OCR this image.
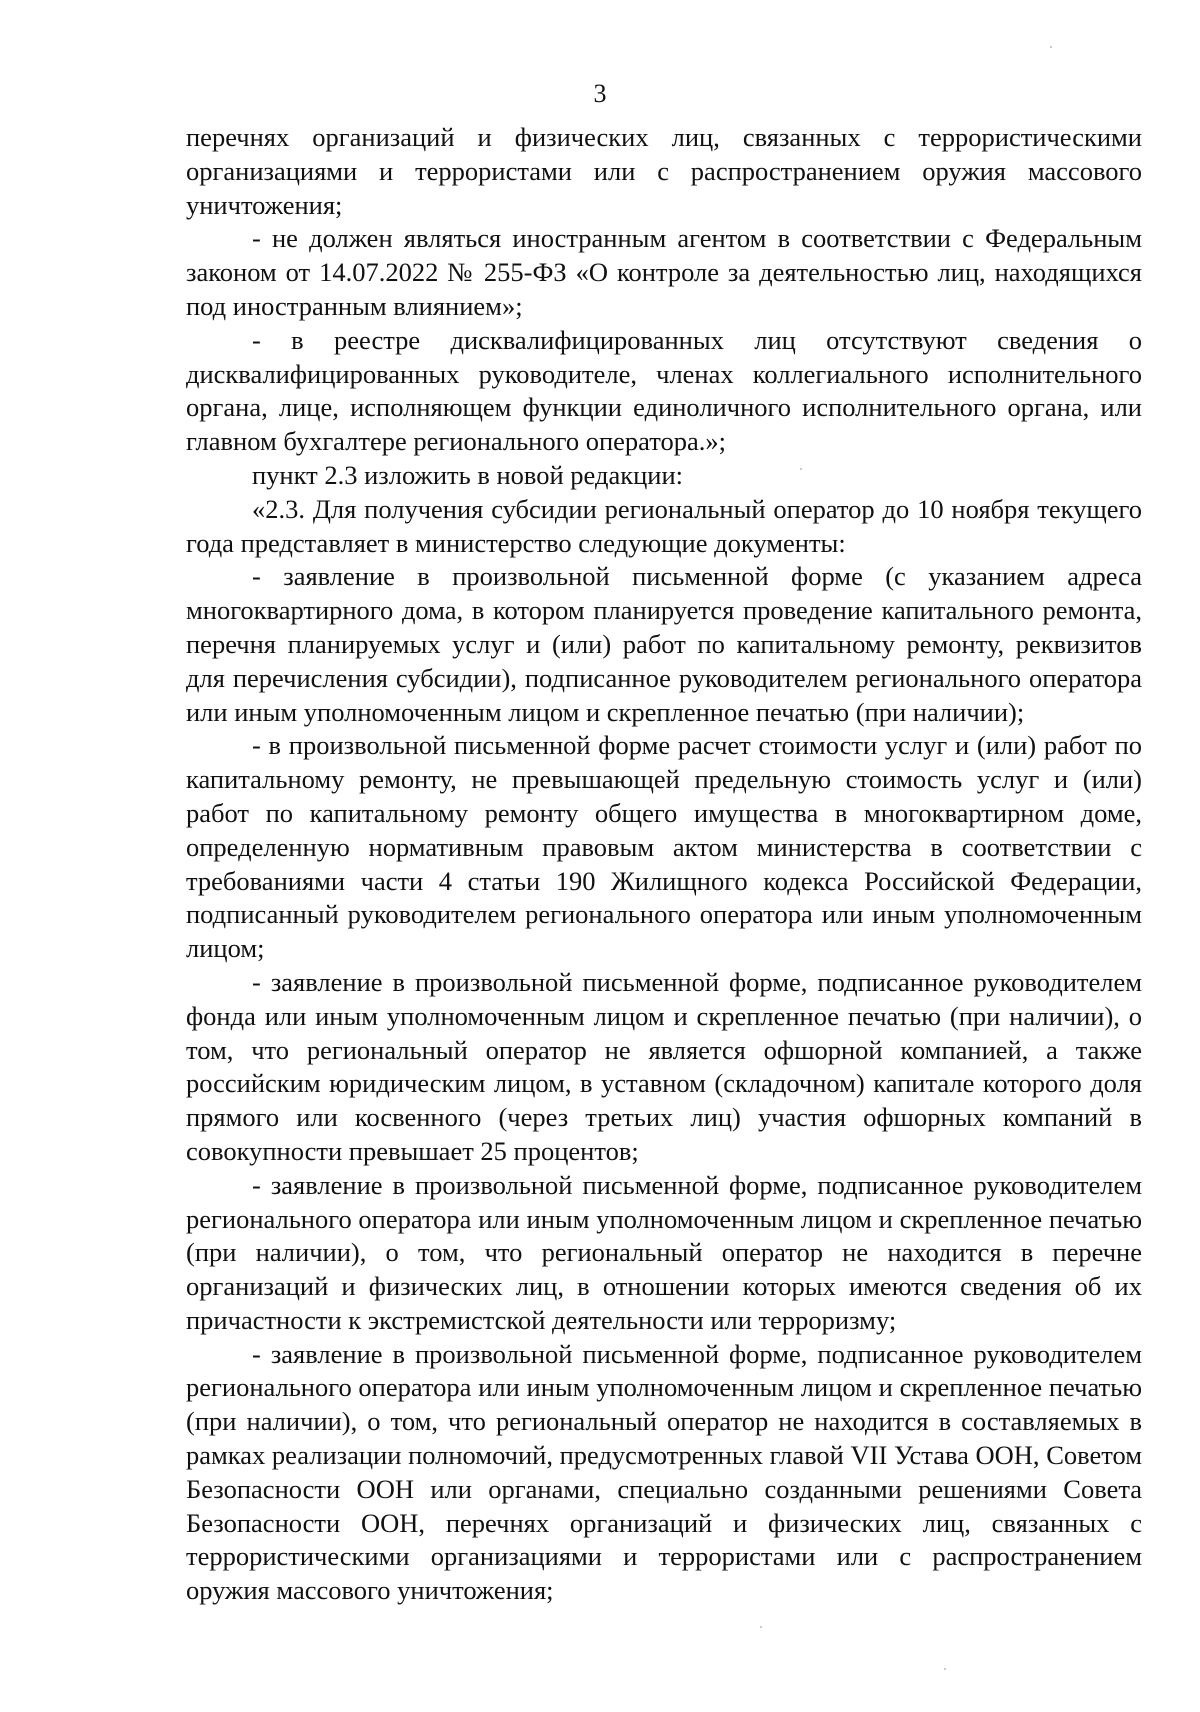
3

перечнях организаций и физических лиц, связанных с террористическими организациями и террористами или с распространением оружия массового уничтожения;

- не должен являться иностранным агентом в соответствии с Федеральным законом от 14.07.2022 № 255-ФЗ «О контроле за деятельностью лиц, находящихся под иностранным влиянием»;

- в реестре дисквалифицированных лиц отсутствуют сведения о дисквалифицированных руководителе, членах коллегиального исполнительного органа, лице, исполняющем функции единоличного исполнительного органа, или главном бухгалтере регионального оператора.»;

пункт 2.3 изложить в новой редакции:

«2.3. Для получения субсидии региональный оператор до 10 ноября текущего года представляет в министерство следующие документы:

- заявление в произвольной письменной форме (с указанием адреса многоквартирного дома, в котором планируется проведение капитального ремонта, перечня планируемых услуг и (или) работ по капитальному ремонту, реквизитов для перечисления субсидии), подписанное руководителем регионального оператора или иным уполномоченным лицом и скрепленное печатью (при наличии);

- в произвольной письменной форме расчет стоимости услуг и (или) работ по капитальному ремонту, не превышающей предельную стоимость услуг и (или) работ по капитальному ремонту общего имущества в многоквартирном доме, определенную нормативным правовым актом министерства в соответствии с требованиями части 4 статьи 190 Жилищного кодекса Российской Федерации, подписанный руководителем регионального оператора или иным уполномоченным лицом;

- заявление в произвольной письменной форме, подписанное руководителем фонда или иным уполномоченным лицом и скрепленное печатью (при наличии), о том, что региональный оператор не является офшорной компанией, а также российским юридическим лицом, в уставном (складочном) капитале которого доля прямого или косвенного (через третьих лиц) участия офшорных компаний в совокупности превышает 25 процентов;

- заявление в произвольной письменной форме, подписанное руководителем регионального оператора или иным уполномоченным лицом и скрепленное печатью (при наличии), о том, что региональный оператор не находится в перечне организаций и физических лиц, в отношении которых имеются сведения об их причастности к экстремистской деятельности или терроризму;

- заявление в произвольной письменной форме, подписанное руководителем регионального оператора или иным уполномоченным лицом и скрепленное печатью (при наличии), о том, что региональный оператор не находится в составляемых в рамках реализации полномочий, предусмотренных главой VII Устава ООН, Советом Безопасности ООН или органами, специально созданными решениями Совета Безопасности ООН, перечнях организаций и физических лиц, связанных с террористическими организациями и террористами или с распространением оружия массового уничтожения;
